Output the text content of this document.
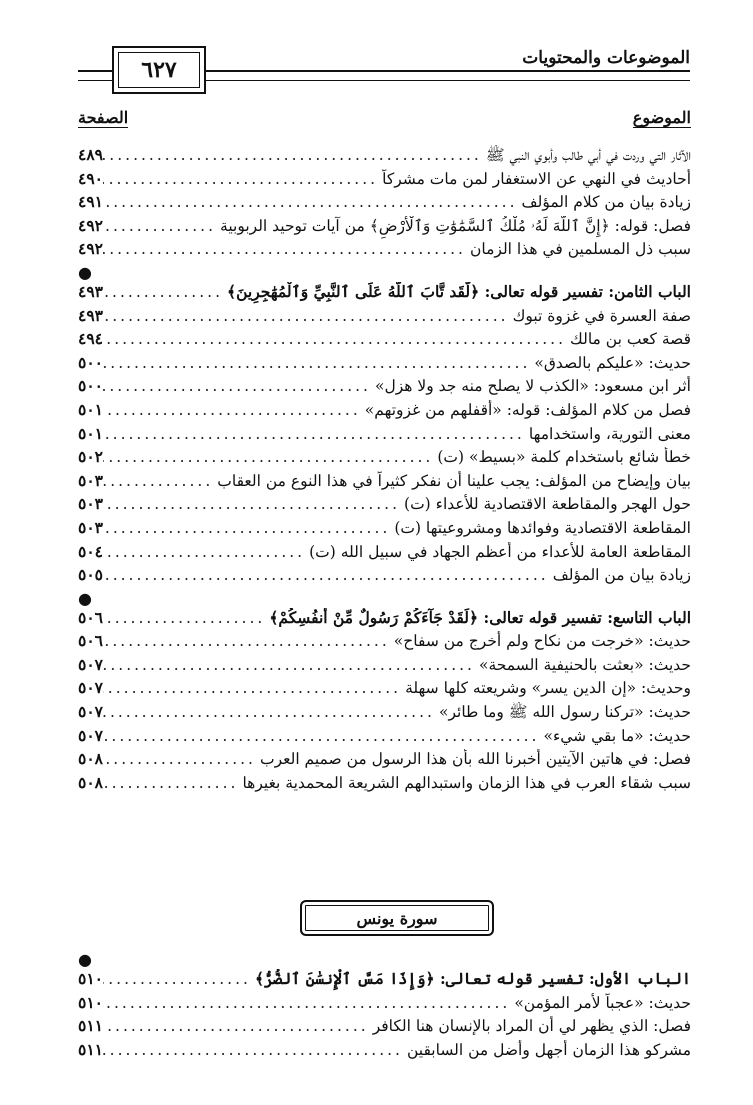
الموضوعات والمحتويات
٦٢٧
الموضوع
الصفحة
الآثار التي وردت في أبي طالب وأبوي النبي ﷺ
.....
٤٨٩
أحاديث في النهي عن الاستغفار لمن مات مشركاً
.....
٤٩٠
زيادة بيان من كلام المؤلف
.....
٤٩١
فصل: قوله: ﴿إِنَّ ٱللَّهَ لَهُۥ مُلْكُ ٱلسَّمَٰوَٰتِ وَٱلْأَرْضِ﴾ من آيات توحيد الربوبية
.....
٤٩٢
سبب ذل المسلمين في هذا الزمان
.....
٤٩٢
●
الباب الثامن: تفسير قوله تعالى: ﴿لَّقَد تَّابَ ٱللَّهُ عَلَى ٱلنَّبِيِّ وَٱلْمُهَٰجِرِينَ﴾
.....
٤٩٣
صفة العسرة في غزوة تبوك
.....
٤٩٣
قصة كعب بن مالك
.....
٤٩٤
حديث: «عليكم بالصدق»
.....
٥٠٠
أثر ابن مسعود: «الكذب لا يصلح منه جد ولا هزل»
.....
٥٠٠
فصل من كلام المؤلف: قوله: «أقفلهم من غزوتهم»
.....
٥٠١
معنى التورية، واستخدامها
.....
٥٠١
خطأ شائع باستخدام كلمة «بسيط» (ت)
.....
٥٠٢
بيان وإيضاح من المؤلف: يجب علينا أن نفكر كثيراً في هذا النوع من العقاب
.....
٥٠٣
حول الهجر والمقاطعة الاقتصادية للأعداء (ت)
.....
٥٠٣
المقاطعة الاقتصادية وفوائدها ومشروعيتها (ت)
.....
٥٠٣
المقاطعة العامة للأعداء من أعظم الجهاد في سبيل الله (ت)
.....
٥٠٤
زيادة بيان من المؤلف
.....
٥٠٥
●
الباب التاسع: تفسير قوله تعالى: ﴿لَقَدْ جَآءَكُمْ رَسُولٌ مِّنْ أَنفُسِكُمْ﴾
.....
٥٠٦
حديث: «خرجت من نكاح ولم أخرج من سفاح»
.....
٥٠٦
حديث: «بعثت بالحنيفية السمحة»
.....
٥٠٧
وحديث: «إن الدين يسر» وشريعته كلها سهلة
.....
٥٠٧
حديث: «تركنا رسول الله ﷺ وما طائر»
.....
٥٠٧
حديث: «ما بقي شيء»
.....
٥٠٧
فصل: في هاتين الآيتين أخبرنا الله بأن هذا الرسول من صميم العرب
.....
٥٠٨
سبب شقاء العرب في هذا الزمان واستبدالهم الشريعة المحمدية بغيرها
.....
٥٠٨
سورة يونس
●
الباب الأول: تفسير قوله تعالى: ﴿وَإِذَا مَسَّ ٱلْإِنسَٰنَ ٱلضُّرُّ﴾
.....
٥١٠
حديث: «عجباً لأمر المؤمن»
.....
٥١٠
فصل: الذي يظهر لي أن المراد بالإنسان هنا الكافر
.....
٥١١
مشركو هذا الزمان أجهل وأضل من السابقين
.....
٥١١
